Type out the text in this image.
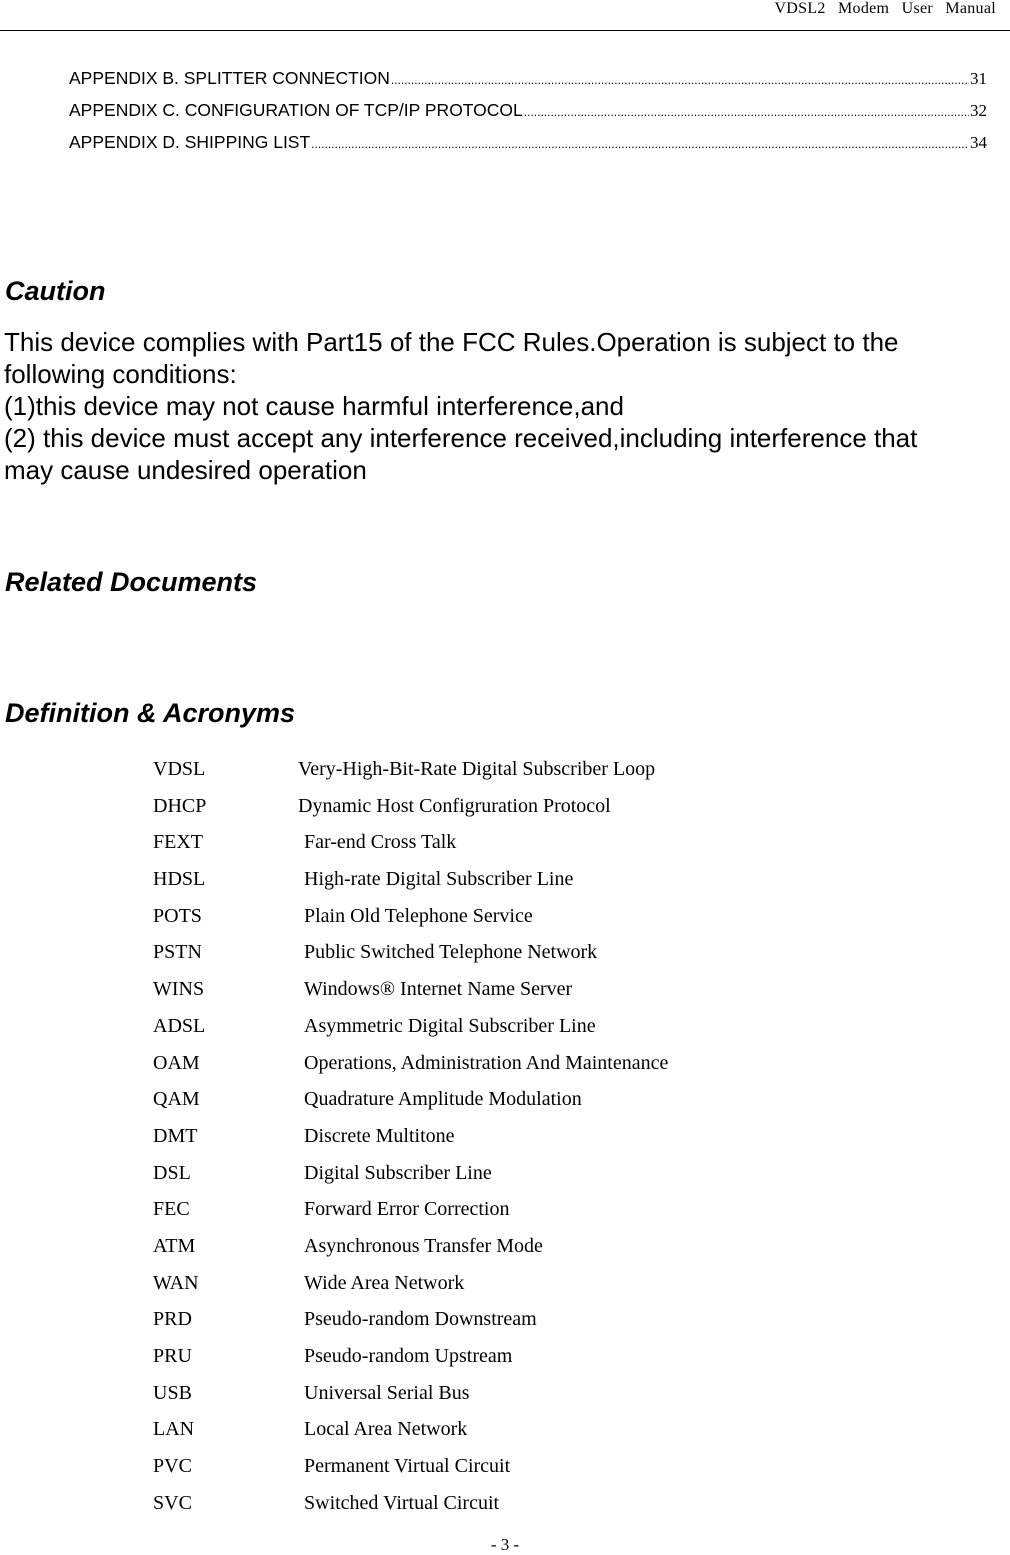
VDSL2 Modem User Manual
APPENDIX B. SPLITTER CONNECTION .....	31
APPENDIX C. CONFIGURATION OF TCP/IP PROTOCOL .....	32
APPENDIX D. SHIPPING LIST .....	34
Caution
This device complies with Part15 of the FCC Rules.Operation is subject to the
following conditions:
(1)this device may not cause harmful interference,and
(2) this device must accept any interference received,including interference that
may cause undesired operation
Related Documents
Definition & Acronyms
VDSL	Very-High-Bit-Rate Digital Subscriber Loop
DHCP	Dynamic Host Configruration Protocol
FEXT	Far-end Cross Talk
HDSL	High-rate Digital Subscriber Line
POTS	Plain Old Telephone Service
PSTN	Public Switched Telephone Network
WINS	Windows® Internet Name Server
ADSL	Asymmetric Digital Subscriber Line
OAM	Operations, Administration And Maintenance
QAM	Quadrature Amplitude Modulation
DMT	Discrete Multitone
DSL	Digital Subscriber Line
FEC	Forward Error Correction
ATM	Asynchronous Transfer Mode
WAN	Wide Area Network
PRD	Pseudo-random Downstream
PRU	Pseudo-random Upstream
USB	Universal Serial Bus
LAN	Local Area Network
PVC	Permanent Virtual Circuit
SVC	Switched Virtual Circuit
- 3 -
